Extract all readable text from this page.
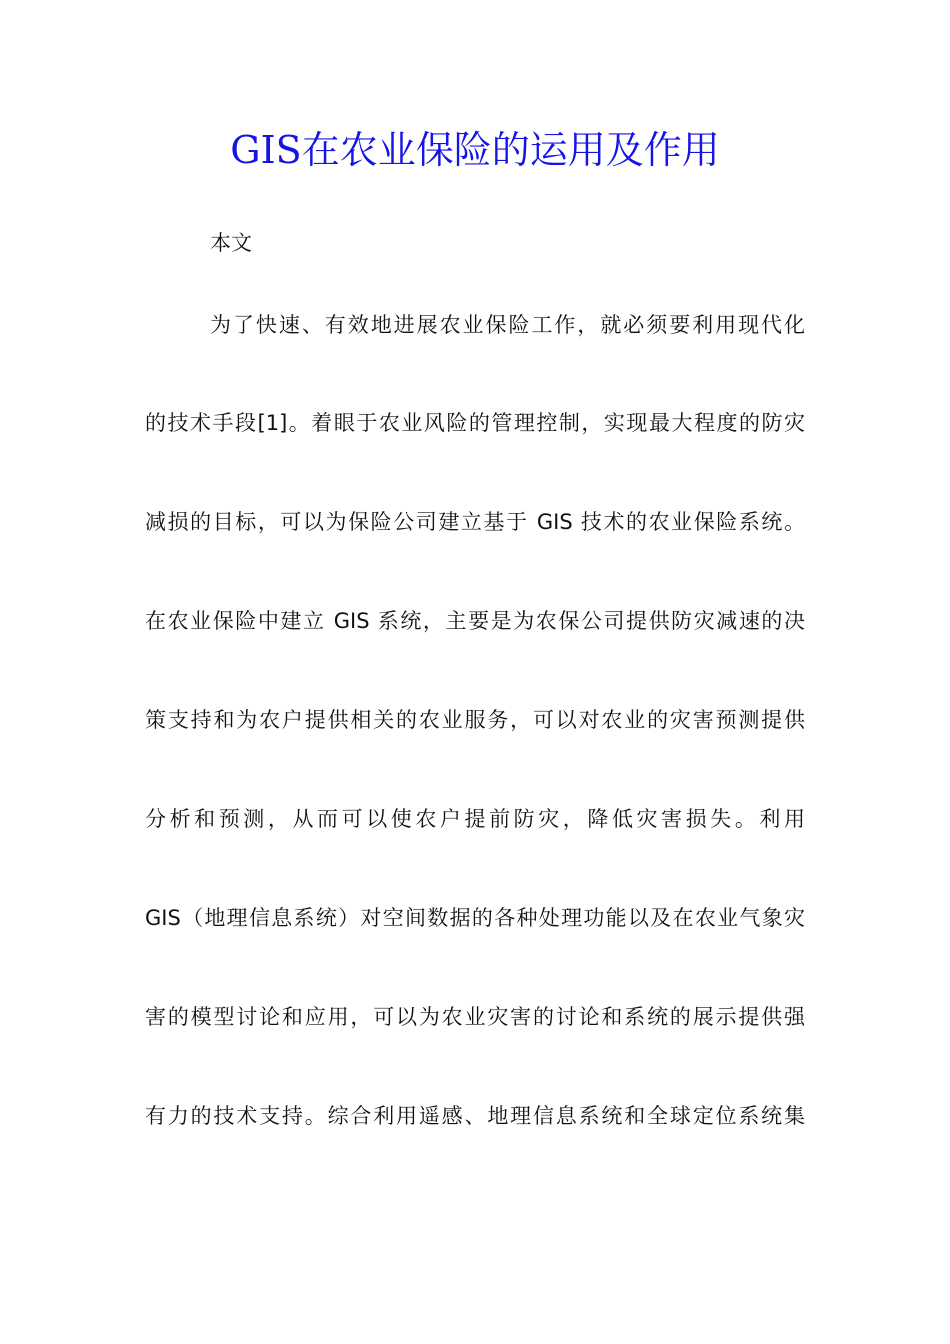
GIS在农业保险的运用及作用

本文

为了快速、有效地进展农业保险工作，就必须要利用现代化

的技术手段[1]。着眼于农业风险的管理控制，实现最大程度的防灾

减损的目标，可以为保险公司建立基于 GIS 技术的农业保险系统。

在农业保险中建立 GIS 系统，主要是为农保公司提供防灾减速的决

策支持和为农户提供相关的农业服务，可以对农业的灾害预测提供

分析和预测，从而可以使农户提前防灾，降低灾害损失。利用

GIS（地理信息系统）对空间数据的各种处理功能以及在农业气象灾

害的模型讨论和应用，可以为农业灾害的讨论和系统的展示提供强

有力的技术支持。综合利用遥感、地理信息系统和全球定位系统集
